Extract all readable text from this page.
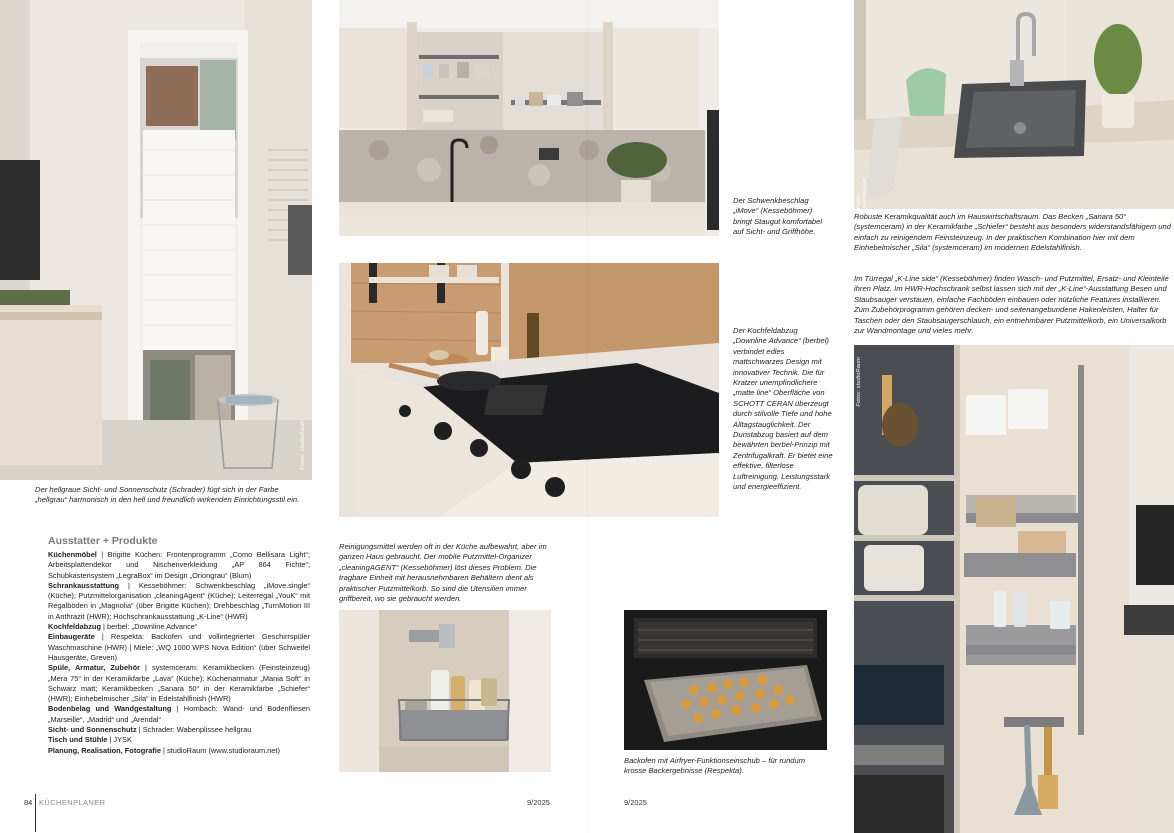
Fotos: studioRaum
Der hellgraue Sicht- und Sonnenschutz (Schrader) fügt sich in der Farbe „hellgrau“ harmonisch in den hell und freundlich wirkenden Einrichtungsstil ein.
Ausstatter + Produkte

Küchenmöbel | Brigitte Küchen: Frontenprogramm „Como Bellisara Light“; Arbeitsplattendekor und Nischenverkleidung „AP 864 Fichte“; Schubkastensystem „LegraBox“ im Design „Oriongrau“ (Blum)

Schrankausstattung | Kesseböhmer: Schwenkbeschlag „iMove.single“ (Küche); Putzmittelorganisation „cleaningAgent“ (Küche); Leiterregal „YouK“ mit Regalböden in „Magnolia“ (über Brigitte Küchen); Drehbeschlag „TurnMotion III in Anthrazit (HWR); Hochschrankausstattung „K-Line“ (HWR)

Kochfeldabzug | berbel: „Downline Advance“

Einbaugeräte | Respekta: Backofen und vollintegrierter Geschirrspüler Waschmaschine (HWR) | Miele: „WQ 1000 WPS Nova Edition“ (über Schweifel Hausgeräte, Greven)

Spüle, Armatur, Zubehör | systemceram: Keramikbecken (Feinsteinzeug) „Mera 75“ in der Keramikfarbe „Lava“ (Küche); Küchenarmatur „Mania Soft“ in Schwarz matt; Keramikbecken „Sanara 50“ in der Keramikfarbe „Schiefer“ (HWR); Einhebelmischer „Sila“ in Edelstahlfinish (HWR)

Bodenbelag und Wandgestaltung | Hornbach: Wand- und Bodenfliesen „Marseille“, „Madrid“ und „Arendal“

Sicht- und Sonnenschutz | Schrader: Wabenplissee hellgrau

Tisch und Stühle | JYSK

Planung, Realisation, Fotografie | studioRaum (www.studioraum.net)

Der Schwenkbeschlag „iMove“ (Kesseböhmer) bringt Staugut komfortabel auf Sicht- und Griffhöhe.
Der Kochfeldabzug „Downline Advance“ (berbel) verbindet edles mattschwarzes Design mit innovativer Technik. Die für Kratzer unempfindlichere „matte line“ Oberfläche von SCHOTT CERAN überzeugt durch stilvolle Tiefe und hohe Alltagstauglichkeit. Der Dunstabzug basiert auf dem bewährten berbel-Prinzip mit Zentrifugalkraft. Er bietet eine effektive, filterlose Luftreinigung. Leistungsstark und energieeffizient.
Reinigungsmittel werden oft in der Küche aufbewahrt, aber im ganzen Haus gebraucht. Der mobile Putzmittel-Organizer „cleaningAGENT“ (Kesseböhmer) löst dieses Problem. Die tragbare Einheit mit herausnehmbaren Behältern dient als praktischer Putzmittelkorb. So sind die Utensilien immer griffbereit, wo sie gebraucht werden.
Backofen mit Airfryer-Funktionseinschub – für rundum krosse Backergebnisse (Respekta).
Fotos: studioRaum
Robuste Keramikqualität auch im Hauswirtschaftsraum. Das Becken „Sanara 50“ (systemceram) in der Keramikfarbe „Schiefer“ besteht aus besonders widerstandsfähigem und einfach zu reinigendem Feinsteinzeug. In der praktischen Kombination hier mit dem Einhebelmischer „Sila“ (systemceram) im modernen Edelstahlfinish.
Im Türregal „K-Line side“ (Kesseböhmer) finden Wasch- und Putzmittel, Ersatz- und Kleinteile ihren Platz. Im HWR-Hochschrank selbst lassen sich mit der „K-Line“-Ausstattung Besen und Staubsauger verstauen, einfache Fachböden einbauen oder nützliche Features installieren. Zum Zubehörprogramm gehören decken- und seitenangebundene Hakenleisten, Halter für Taschen oder den Staubsaugerschlauch, ein entnehmbarer Putzmittelkorb, ein Universalkorb zur Wandmontage und vieles mehr.
Fotos: studioRaum
84 KÜCHENPLANER	9/2025	9/2025
